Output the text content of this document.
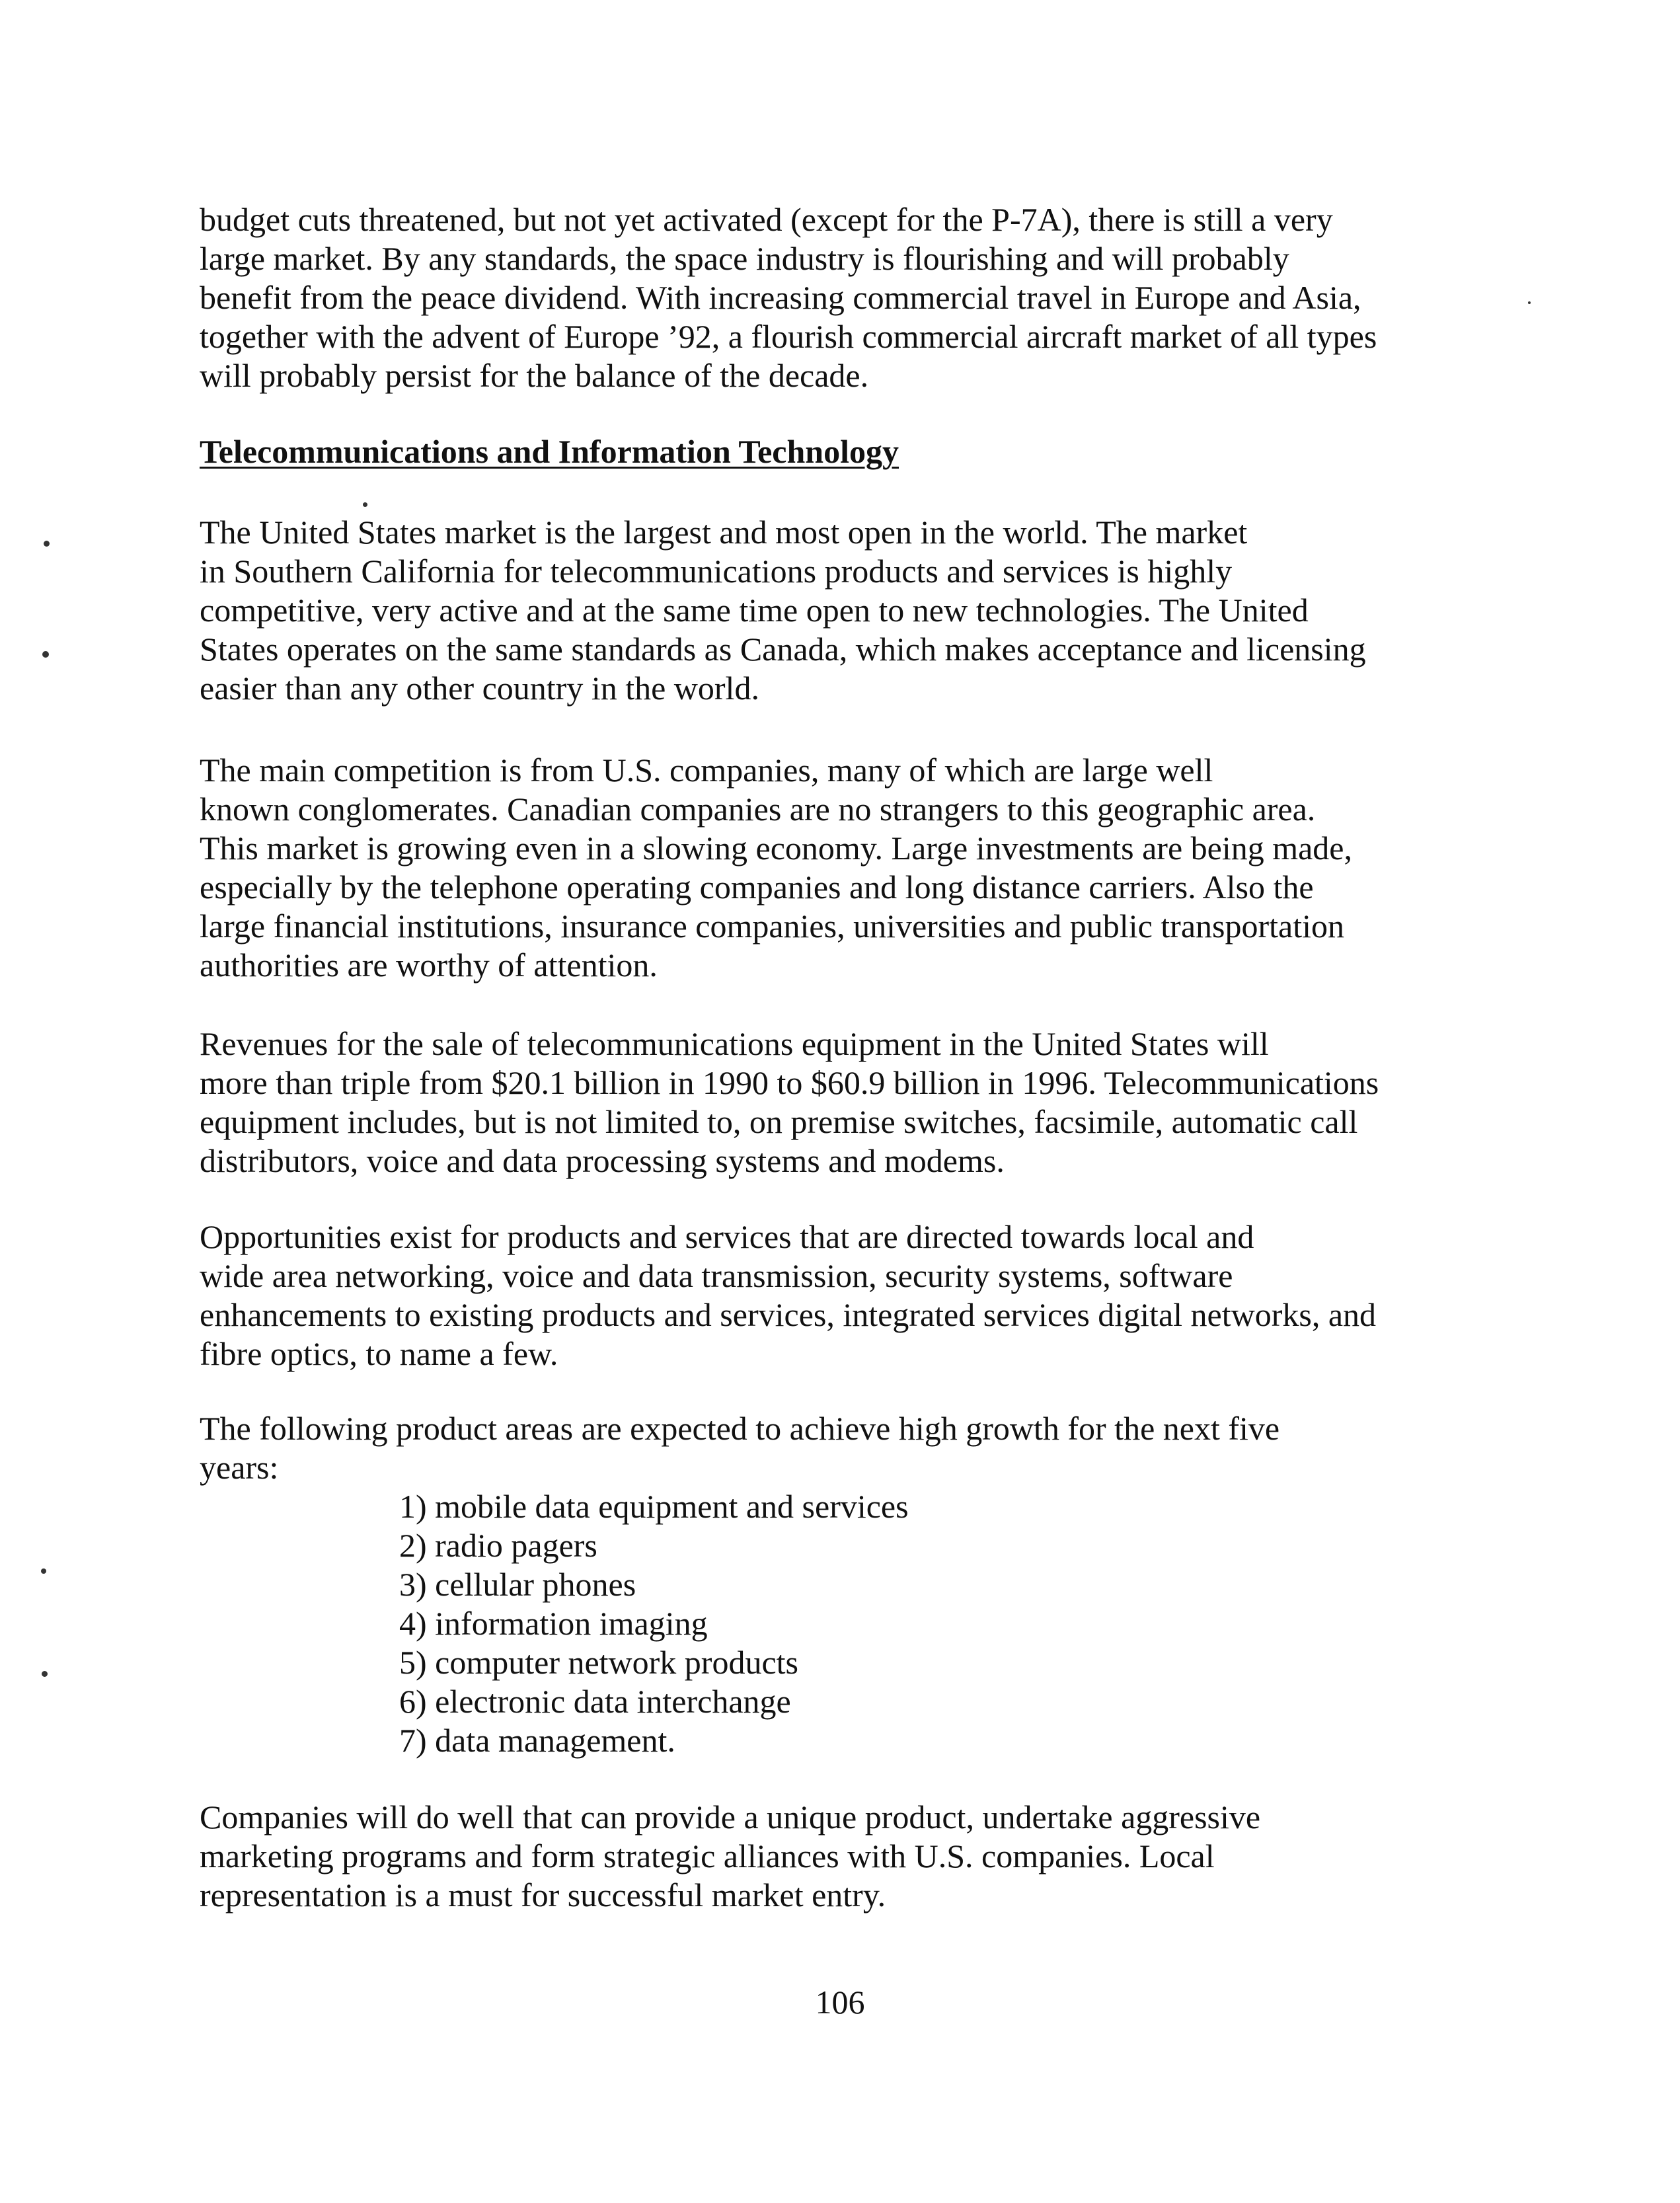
budget cuts threatened, but not yet activated (except for the P-7A), there is still a very
large market. By any standards, the space industry is flourishing and will probably
benefit from the peace dividend. With increasing commercial travel in Europe and Asia,
together with the advent of Europe ’92, a flourish commercial aircraft market of all types
will probably persist for the balance of the decade.
Telecommunications and Information Technology
The United States market is the largest and most open in the world. The market
in Southern California for telecommunications products and services is highly
competitive, very active and at the same time open to new technologies. The United
States operates on the same standards as Canada, which makes acceptance and licensing
easier than any other country in the world.
The main competition is from U.S. companies, many of which are large well
known conglomerates. Canadian companies are no strangers to this geographic area.
This market is growing even in a slowing economy. Large investments are being made,
especially by the telephone operating companies and long distance carriers. Also the
large financial institutions, insurance companies, universities and public transportation
authorities are worthy of attention.
Revenues for the sale of telecommunications equipment in the United States will
more than triple from $20.1 billion in 1990 to $60.9 billion in 1996. Telecommunications
equipment includes, but is not limited to, on premise switches, facsimile, automatic call
distributors, voice and data processing systems and modems.
Opportunities exist for products and services that are directed towards local and
wide area networking, voice and data transmission, security systems, software
enhancements to existing products and services, integrated services digital networks, and
fibre optics, to name a few.
The following product areas are expected to achieve high growth for the next five
years:
1) mobile data equipment and services
2) radio pagers
3) cellular phones
4) information imaging
5) computer network products
6) electronic data interchange
7) data management.
Companies will do well that can provide a unique product, undertake aggressive
marketing programs and form strategic alliances with U.S. companies. Local
representation is a must for successful market entry.
106
